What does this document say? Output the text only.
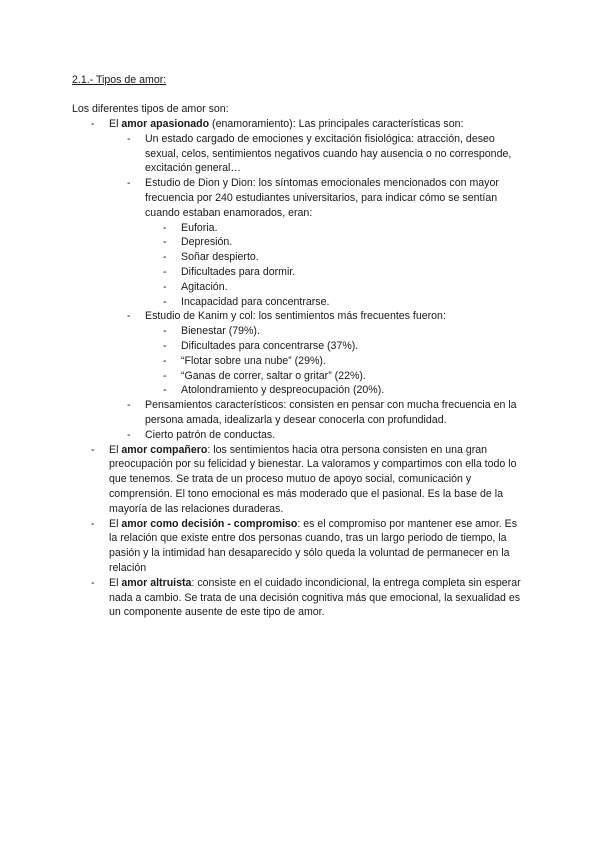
2.1.- Tipos de amor:
Los diferentes tipos de amor son:
- El amor apasionado (enamoramiento): Las principales características son:
- Un estado cargado de emociones y excitación fisiológica: atracción, deseo sexual, celos, sentimientos negativos cuando hay ausencia o no corresponde, excitación general…
- Estudio de Dion y Dion: los síntomas emocionales mencionados con mayor frecuencia por 240 estudiantes universitarios, para indicar cómo se sentían cuando estaban enamorados, eran:
- Euforia.
- Depresión.
- Soñar despierto.
- Dificultades para dormir.
- Agitación.
- Incapacidad para concentrarse.
- Estudio de Kanim y col: los sentimientos más frecuentes fueron:
- Bienestar (79%).
- Dificultades para concentrarse (37%).
- “Flotar sobre una nube” (29%).
- “Ganas de correr, saltar o gritar” (22%).
- Atolondramiento y despreocupación (20%).
- Pensamientos característicos: consisten en pensar con mucha frecuencia en la persona amada, idealizarla y desear conocerla con profundidad.
- Cierto patrón de conductas.
- El amor compañero: los sentimientos hacia otra persona consisten en una gran preocupación por su felicidad y bienestar. La valoramos y compartimos con ella todo lo que tenemos. Se trata de un proceso mutuo de apoyo social, comunicación y comprensión. El tono emocional es más moderado que el pasional. Es la base de la mayoría de las relaciones duraderas.
- El amor como decisión - compromiso: es el compromiso por mantener ese amor. Es la relación que existe entre dos personas cuando, tras un largo periodo de tiempo, la pasión y la intimidad han desaparecido y sólo queda la voluntad de permanecer en la relación
- El amor altruista: consiste en el cuidado incondicional, la entrega completa sin esperar nada a cambio. Se trata de una decisión cognitiva más que emocional, la sexualidad es un componente ausente de este tipo de amor.
